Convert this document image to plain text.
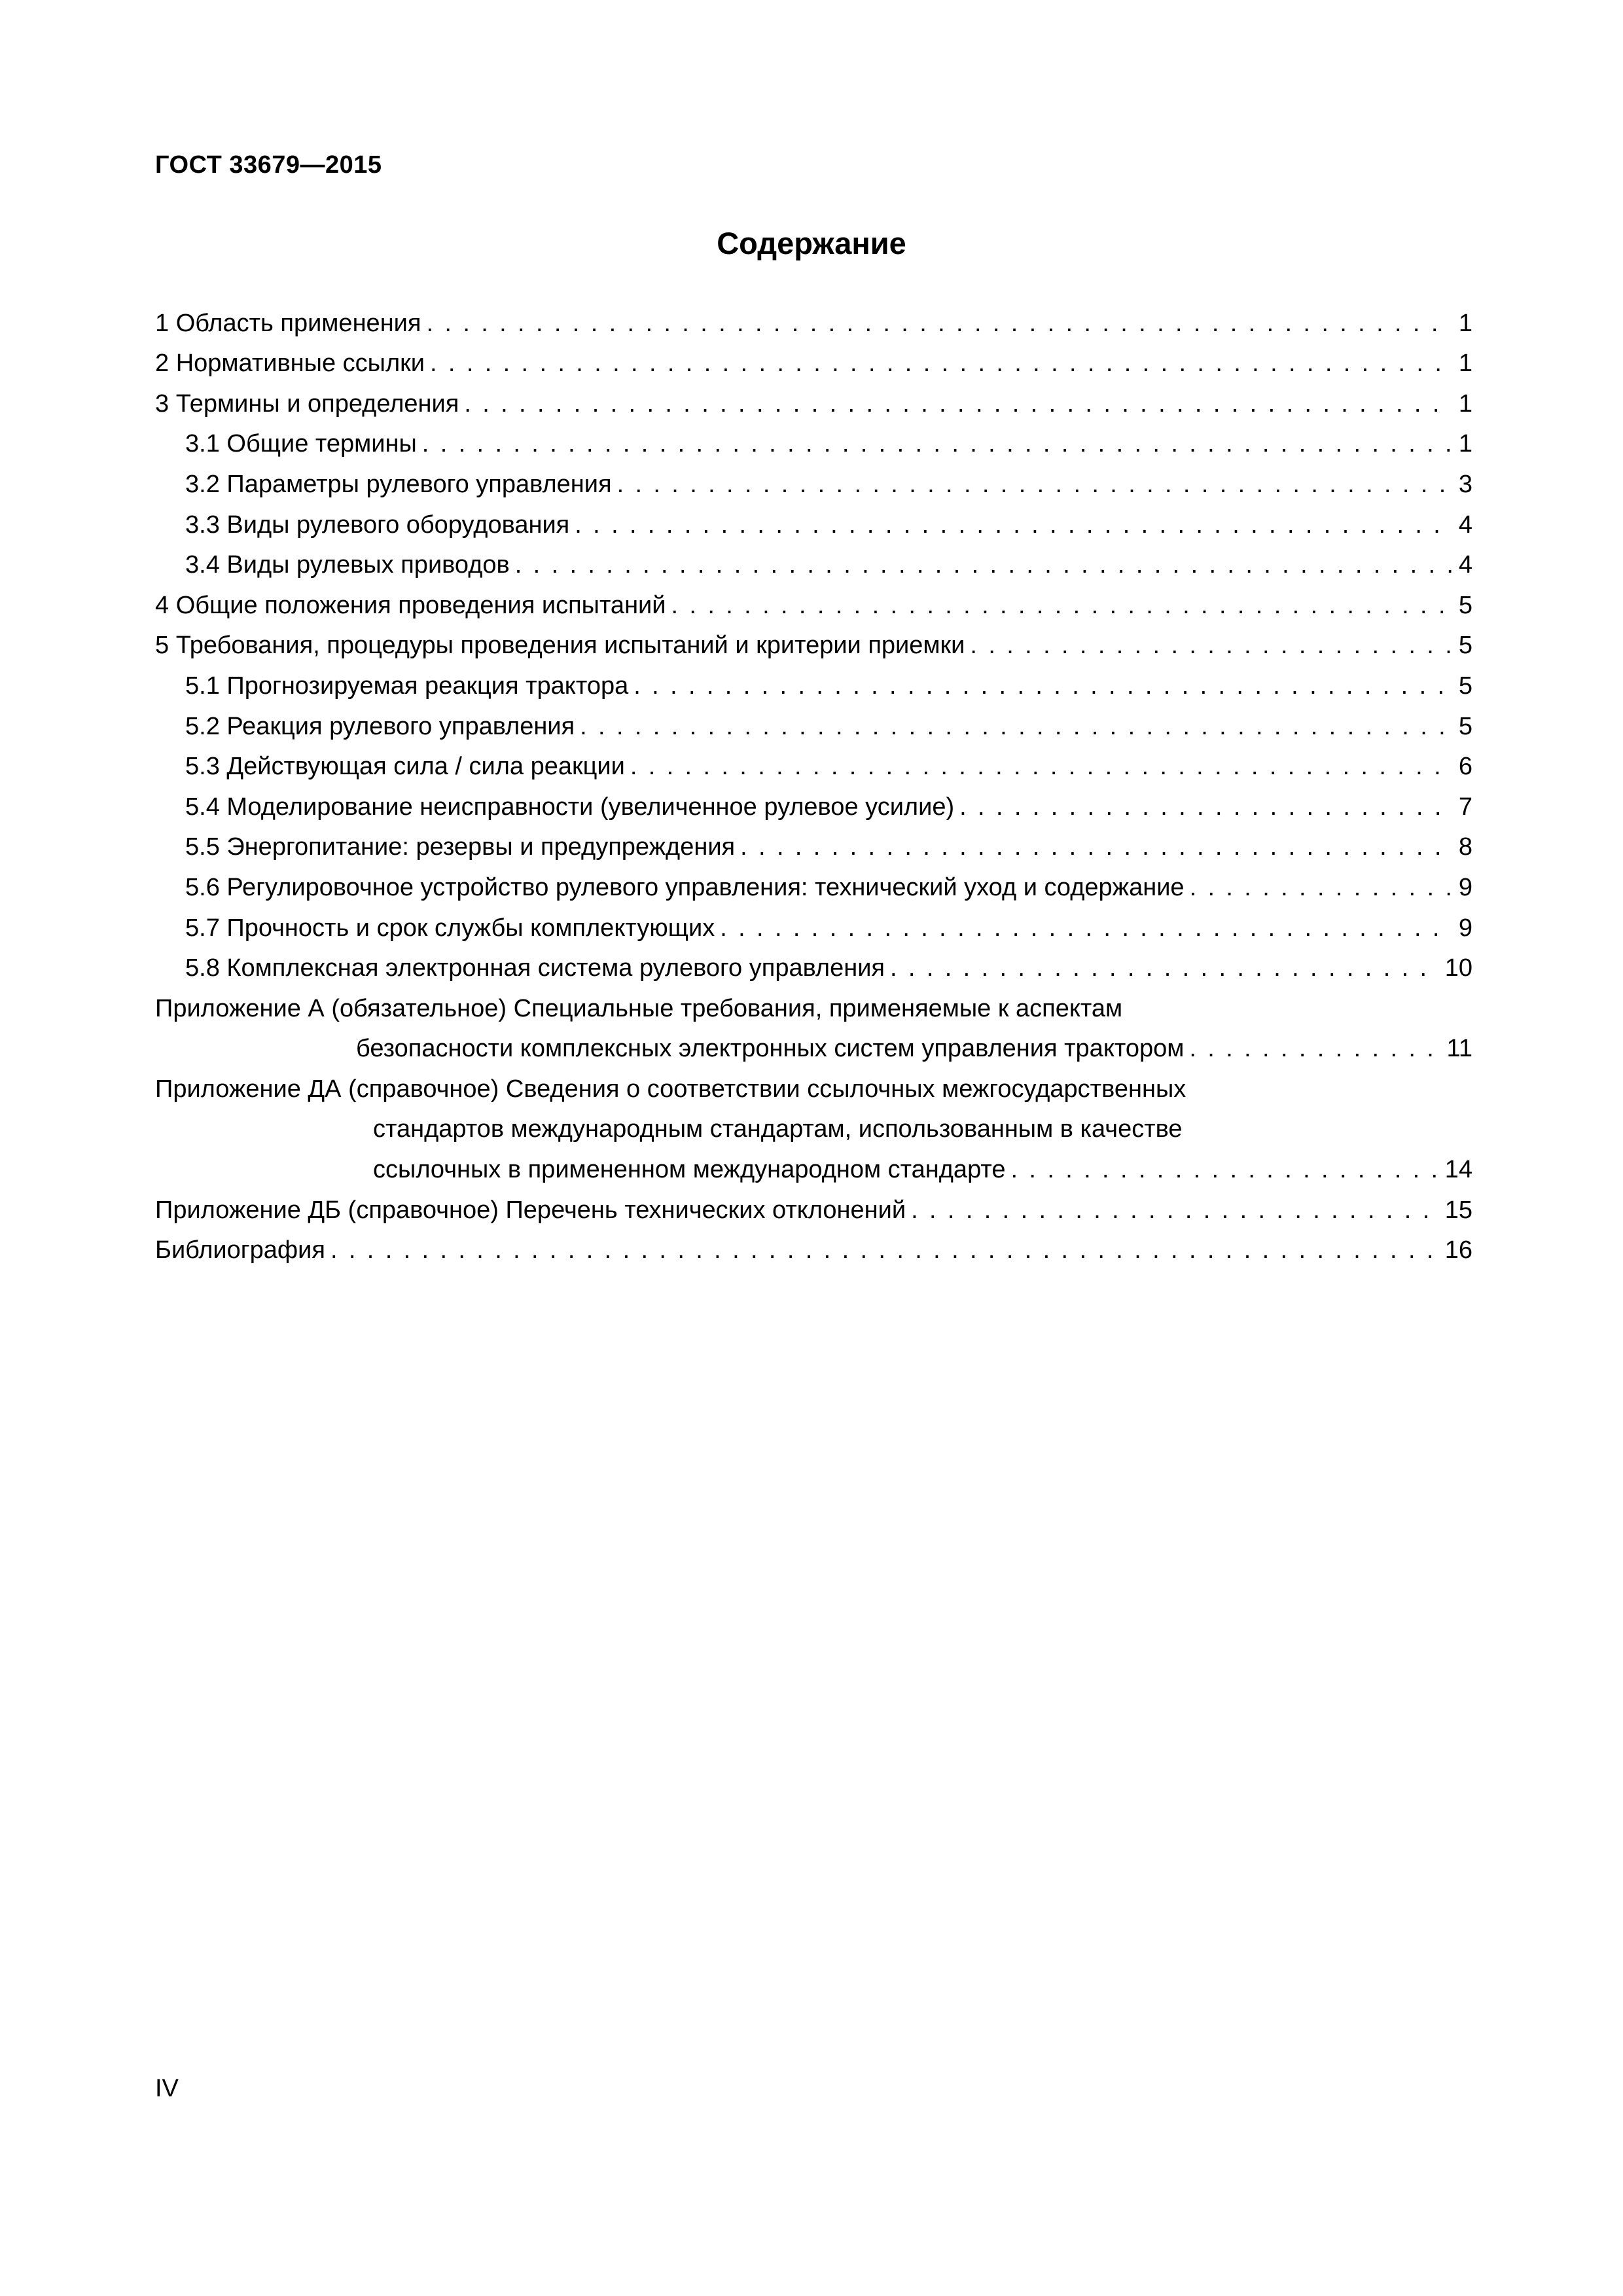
ГОСТ 33679—2015
Содержание
1 Область применения . . .	1
2 Нормативные ссылки . . .	1
3 Термины и определения . . .	1
3.1 Общие термины . . .	1
3.2 Параметры рулевого управления . . .	3
3.3 Виды рулевого оборудования . . .	4
3.4 Виды рулевых приводов . . .	4
4 Общие положения проведения испытаний . . .	5
5 Требования, процедуры проведения испытаний и критерии приемки . . .	5
5.1 Прогнозируемая реакция трактора . . .	5
5.2 Реакция рулевого управления . . .	5
5.3 Действующая сила / сила реакции . . .	6
5.4 Моделирование неисправности (увеличенное рулевое усилие) . . .	7
5.5 Энергопитание: резервы и предупреждения . . .	8
5.6 Регулировочное устройство рулевого управления: технический уход и содержание . . .	9
5.7 Прочность и срок службы комплектующих . . .	9
5.8 Комплексная электронная система рулевого управления . . .	10
Приложение А (обязательное) Специальные требования, применяемые к аспектам
безопасности комплексных электронных систем управления трактором . . .	11
Приложение ДА (справочное) Сведения о соответствии ссылочных межгосударственных
стандартов международным стандартам, использованным в качестве
ссылочных в примененном международном стандарте . . .	14
Приложение ДБ (справочное) Перечень технических отклонений . . .	15
Библиография . . .	16
IV
